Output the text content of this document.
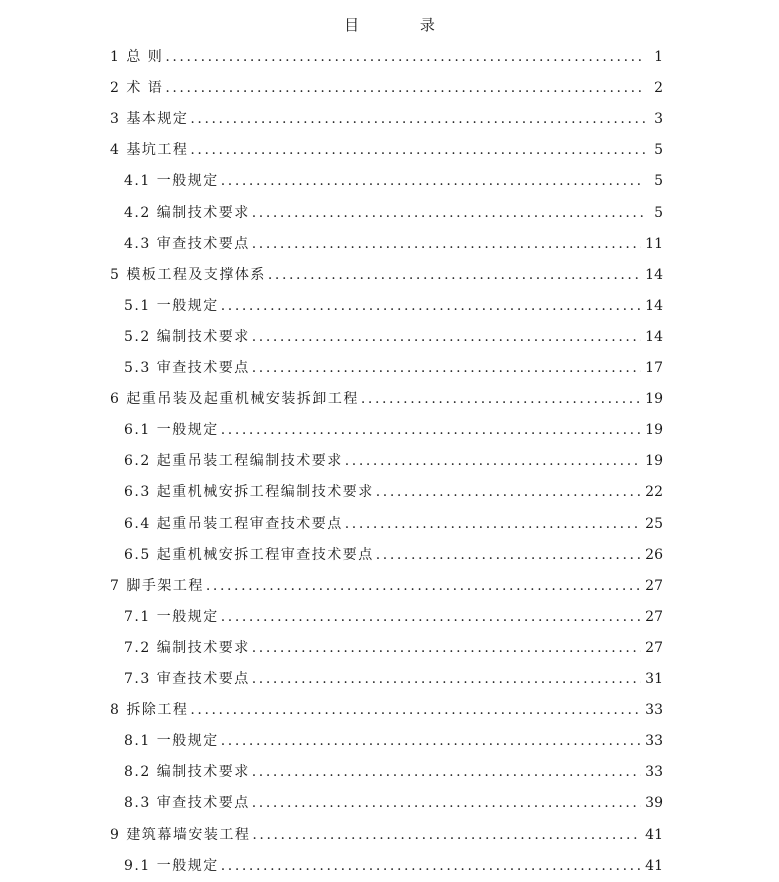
目 录
1 总 则 .....	1
2 术 语 .....	2
3 基本规定 .....	3
4 基坑工程 .....	5
4.1 一般规定 .....	5
4.2 编制技术要求 .....	5
4.3 审查技术要点 .....	11
5 模板工程及支撑体系 .....	14
5.1 一般规定 .....	14
5.2 编制技术要求 .....	14
5.3 审查技术要点 .....	17
6 起重吊装及起重机械安装拆卸工程 .....	19
6.1 一般规定 .....	19
6.2 起重吊装工程编制技术要求 .....	19
6.3 起重机械安拆工程编制技术要求 .....	22
6.4 起重吊装工程审查技术要点 .....	25
6.5 起重机械安拆工程审查技术要点 .....	26
7 脚手架工程 .....	27
7.1 一般规定 .....	27
7.2 编制技术要求 .....	27
7.3 审查技术要点 .....	31
8 拆除工程 .....	33
8.1 一般规定 .....	33
8.2 编制技术要求 .....	33
8.3 审查技术要点 .....	39
9 建筑幕墙安装工程 .....	41
9.1 一般规定 .....	41
